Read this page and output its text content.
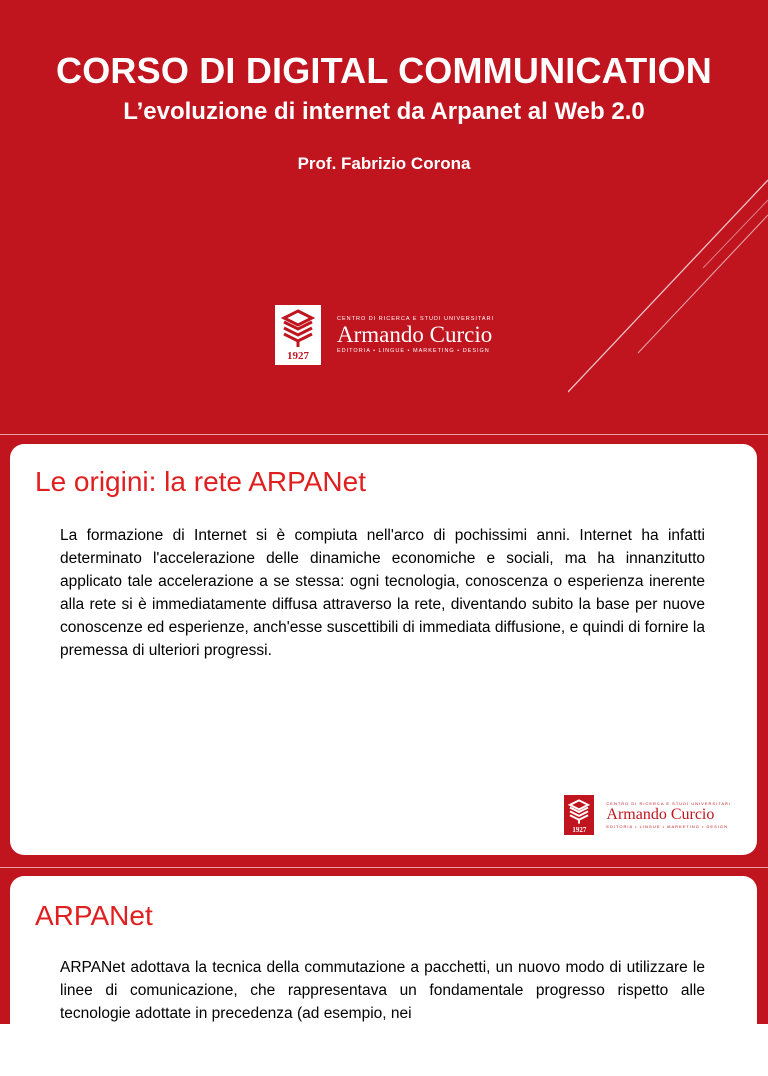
CORSO DI DIGITAL COMMUNICATION
L’evoluzione di internet da Arpanet al Web 2.0
Prof. Fabrizio Corona
1927
CENTRO DI RICERCA E STUDI UNIVERSITARI
Armando Curcio
EDITORIA • LINGUE • MARKETING • DESIGN
Le origini: la rete ARPANet
La formazione di Internet si è compiuta nell'arco di pochissimi anni. Internet ha infatti determinato l'accelerazione delle dinamiche economiche e sociali, ma ha innanzitutto applicato tale accelerazione a se stessa: ogni tecnologia, conoscenza o esperienza inerente alla rete si è immediatamente diffusa attraverso la rete, diventando subito la base per nuove conoscenze ed esperienze, anch'esse suscettibili di immediata diffusione, e quindi di fornire la premessa di ulteriori progressi.
1927
CENTRO DI RICERCA E STUDI UNIVERSITARI
Armando Curcio
EDITORIA • LINGUE • MARKETING • DESIGN
ARPANet
ARPANet adottava la tecnica della commutazione a pacchetti, un nuovo modo di utilizzare le linee di comunicazione, che rappresentava un fondamentale progresso rispetto alle tecnologie adottate in precedenza (ad esempio, nei
